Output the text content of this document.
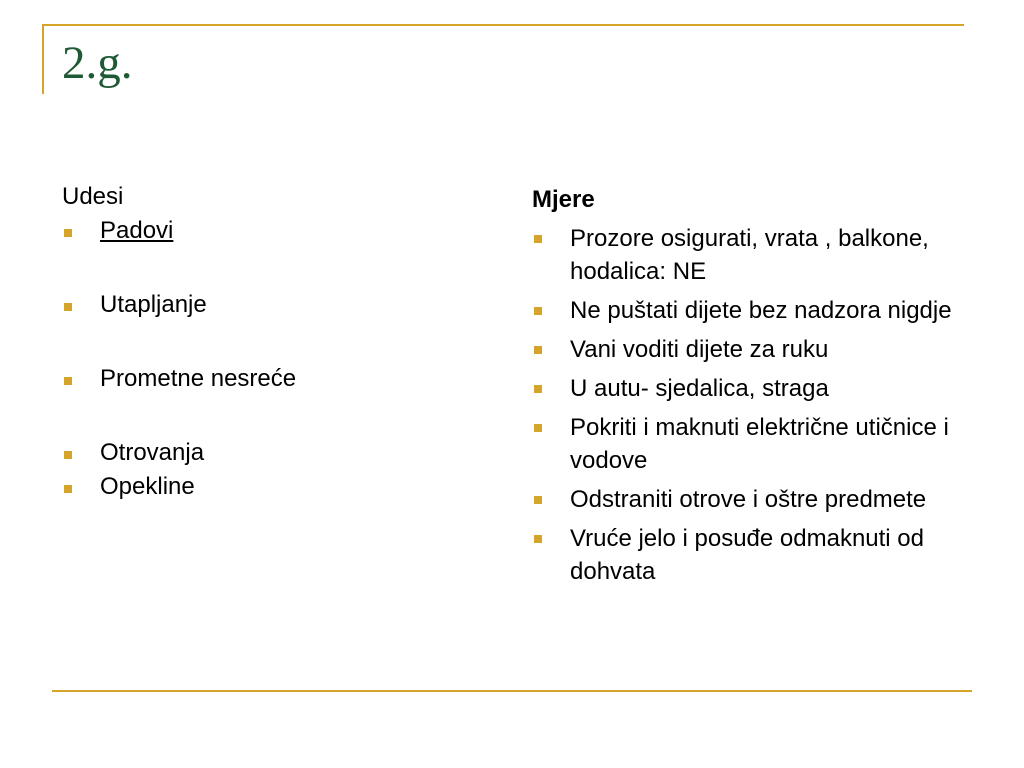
2.g.

Udesi

Padovi
Utapljanje
Prometne nesreće
Otrovanja
Opekline

Mjere

Prozore osigurati, vrata , balkone, hodalica: NE
Ne puštati dijete bez nadzora nigdje
Vani voditi dijete za ruku
U autu- sjedalica, straga
Pokriti i maknuti električne utičnice i vodove
Odstraniti otrove i oštre predmete
Vruće jelo i posuđe odmaknuti od dohvata
